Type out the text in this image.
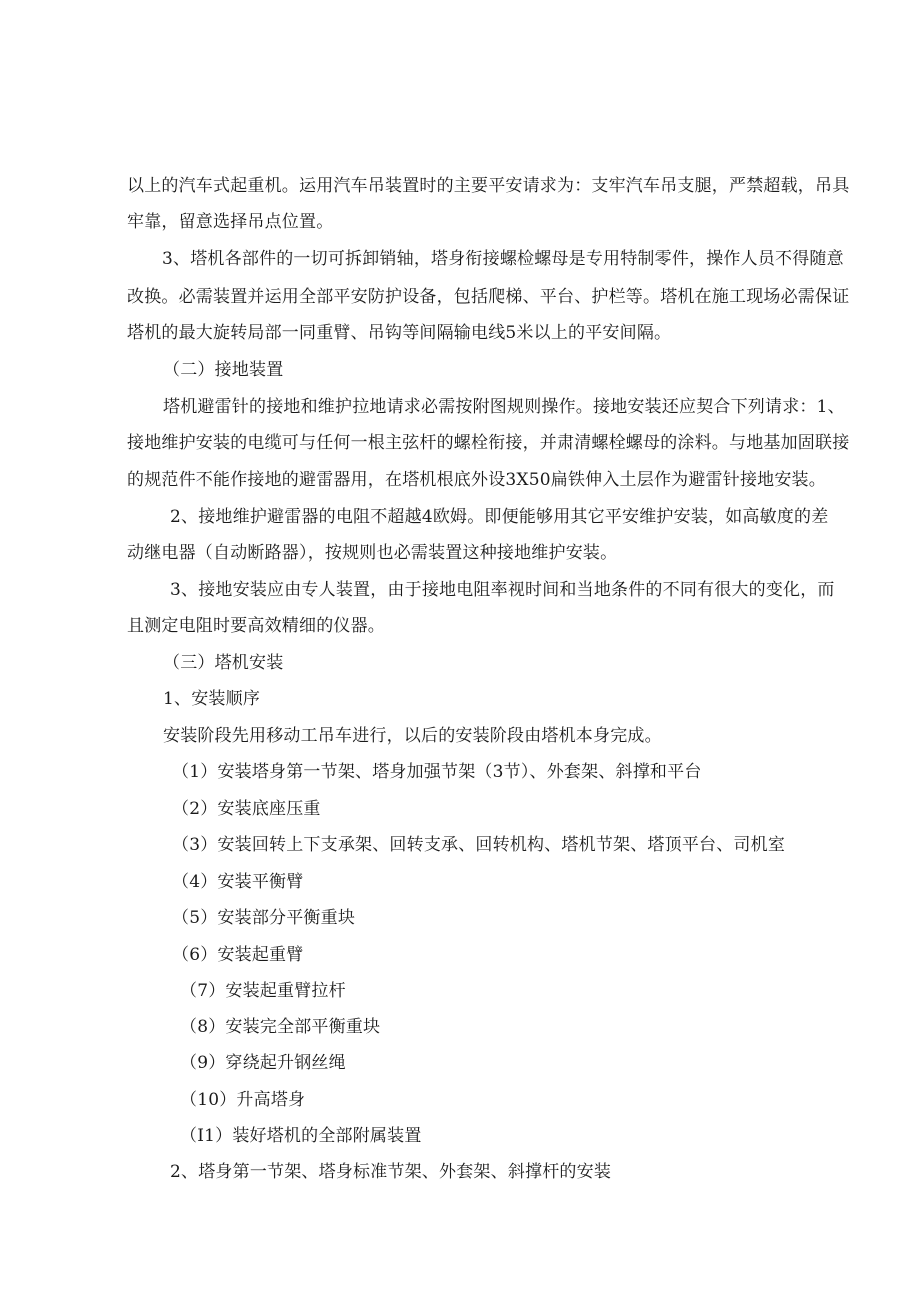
以上的汽车式起重机。运用汽车吊装置时的主要平安请求为：支牢汽车吊支腿，严禁超载，吊具
牢靠，留意选择吊点位置。
3、塔机各部件的一切可拆卸销轴，塔身衔接螺检螺母是专用特制零件，操作人员不得随意
改换。必需装置并运用全部平安防护设备，包括爬梯、平台、护栏等。塔机在施工现场必需保证
塔机的最大旋转局部一同重臂、吊钩等间隔输电线5米以上的平安间隔。
（二）接地装置
塔机避雷针的接地和维护拉地请求必需按附图规则操作。接地安装还应契合下列请求：1、
接地维护安装的电缆可与任何一根主弦杆的螺栓衔接，并肃清螺栓螺母的涂料。与地基加固联接
的规范件不能作接地的避雷器用，在塔机根底外设3X50扁铁伸入土层作为避雷针接地安装。
2、接地维护避雷器的电阻不超越4欧姆。即便能够用其它平安维护安装，如高敏度的差
动继电器（自动断路器），按规则也必需装置这种接地维护安装。
3、接地安装应由专人装置，由于接地电阻率视时间和当地条件的不同有很大的变化，而
且测定电阻时要高效精细的仪器。
（三）塔机安装
1、安装顺序
安装阶段先用移动工吊车进行，以后的安装阶段由塔机本身完成。
（1）安装塔身第一节架、塔身加强节架（3节）、外套架、斜撑和平台
（2）安装底座压重
（3）安装回转上下支承架、回转支承、回转机构、塔机节架、塔顶平台、司机室
（4）安装平衡臂
（5）安装部分平衡重块
（6）安装起重臂
（7）安装起重臂拉杆
（8）安装完全部平衡重块
（9）穿绕起升钢丝绳
（10）升高塔身
（I1）装好塔机的全部附属装置
2、塔身第一节架、塔身标准节架、外套架、斜撑杆的安装
